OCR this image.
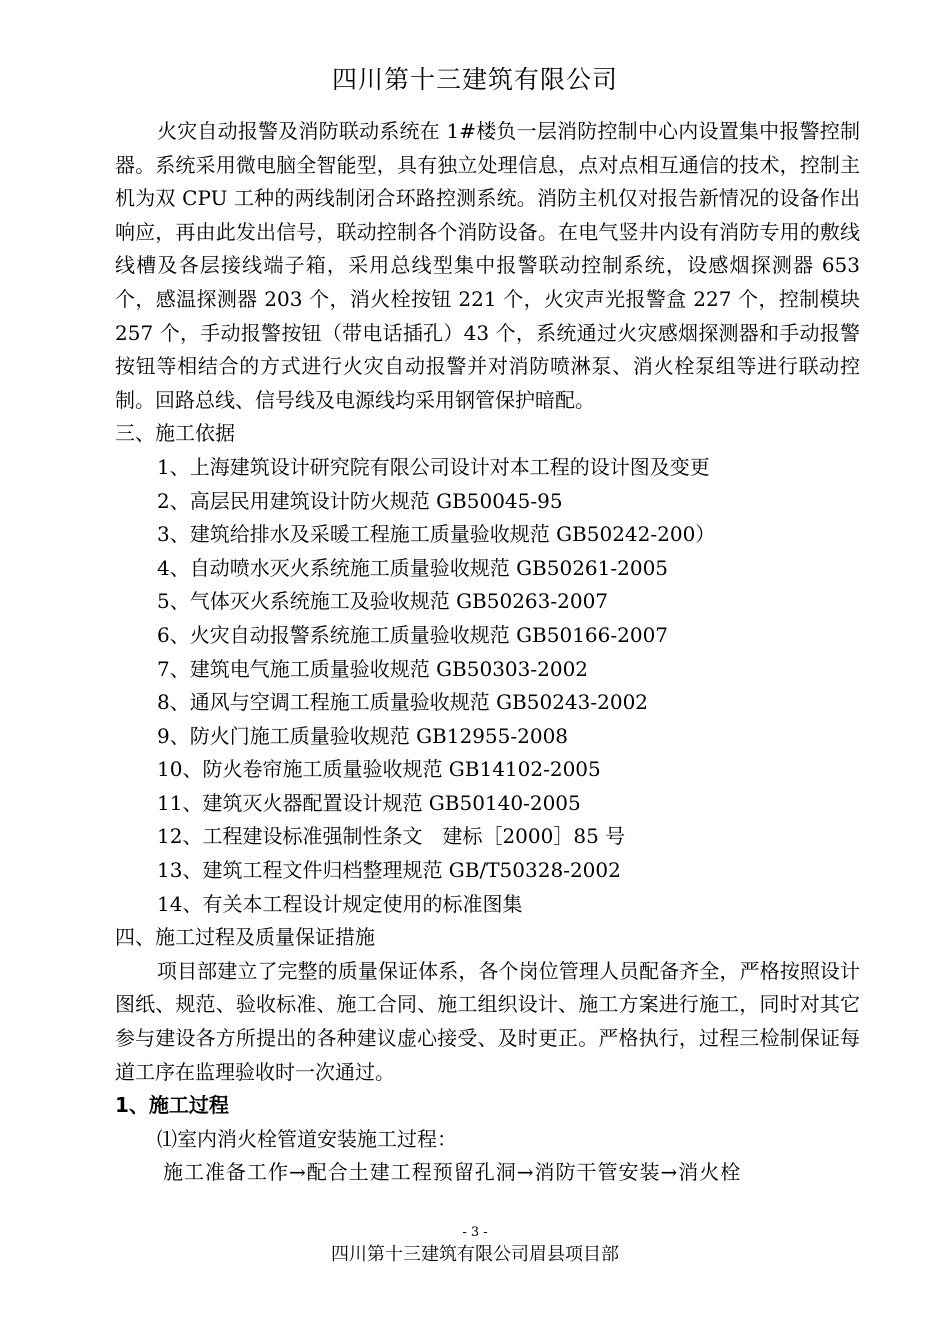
四川第十三建筑有限公司

火灾自动报警及消防联动系统在 1#楼负一层消防控制中心内设置集中报警控制器。系统采用微电脑全智能型，具有独立处理信息，点对点相互通信的技术，控制主机为双 CPU 工种的两线制闭合环路控测系统。消防主机仅对报告新情况的设备作出响应，再由此发出信号，联动控制各个消防设备。在电气竖井内设有消防专用的敷线线槽及各层接线端子箱，采用总线型集中报警联动控制系统，设感烟探测器 653 个，感温探测器 203 个，消火栓按钮 221 个，火灾声光报警盒 227 个，控制模块 257 个，手动报警按钮（带电话插孔）43 个，系统通过火灾感烟探测器和手动报警按钮等相结合的方式进行火灾自动报警并对消防喷淋泵、消火栓泵组等进行联动控制。回路总线、信号线及电源线均采用钢管保护暗配。

三、施工依据

1、上海建筑设计研究院有限公司设计对本工程的设计图及变更

2、高层民用建筑设计防火规范 GB50045-95

3、建筑给排水及采暖工程施工质量验收规范 GB50242-200）

4、自动喷水灭火系统施工质量验收规范 GB50261-2005

5、气体灭火系统施工及验收规范 GB50263-2007

6、火灾自动报警系统施工质量验收规范 GB50166-2007

7、建筑电气施工质量验收规范 GB50303-2002

8、通风与空调工程施工质量验收规范 GB50243-2002

9、防火门施工质量验收规范 GB12955-2008

10、防火卷帘施工质量验收规范 GB14102-2005

11、建筑灭火器配置设计规范 GB50140-2005

12、工程建设标准强制性条文　建标［2000］85 号

13、建筑工程文件归档整理规范 GB/T50328-2002

14、有关本工程设计规定使用的标准图集

四、施工过程及质量保证措施

项目部建立了完整的质量保证体系，各个岗位管理人员配备齐全，严格按照设计图纸、规范、验收标准、施工合同、施工组织设计、施工方案进行施工，同时对其它参与建设各方所提出的各种建议虚心接受、及时更正。严格执行，过程三检制保证每道工序在监理验收时一次通过。

1、施工过程

⑴室内消火栓管道安装施工过程：

施工准备工作→配合土建工程预留孔洞→消防干管安装→消火栓

- 3 -
四川第十三建筑有限公司眉县项目部
